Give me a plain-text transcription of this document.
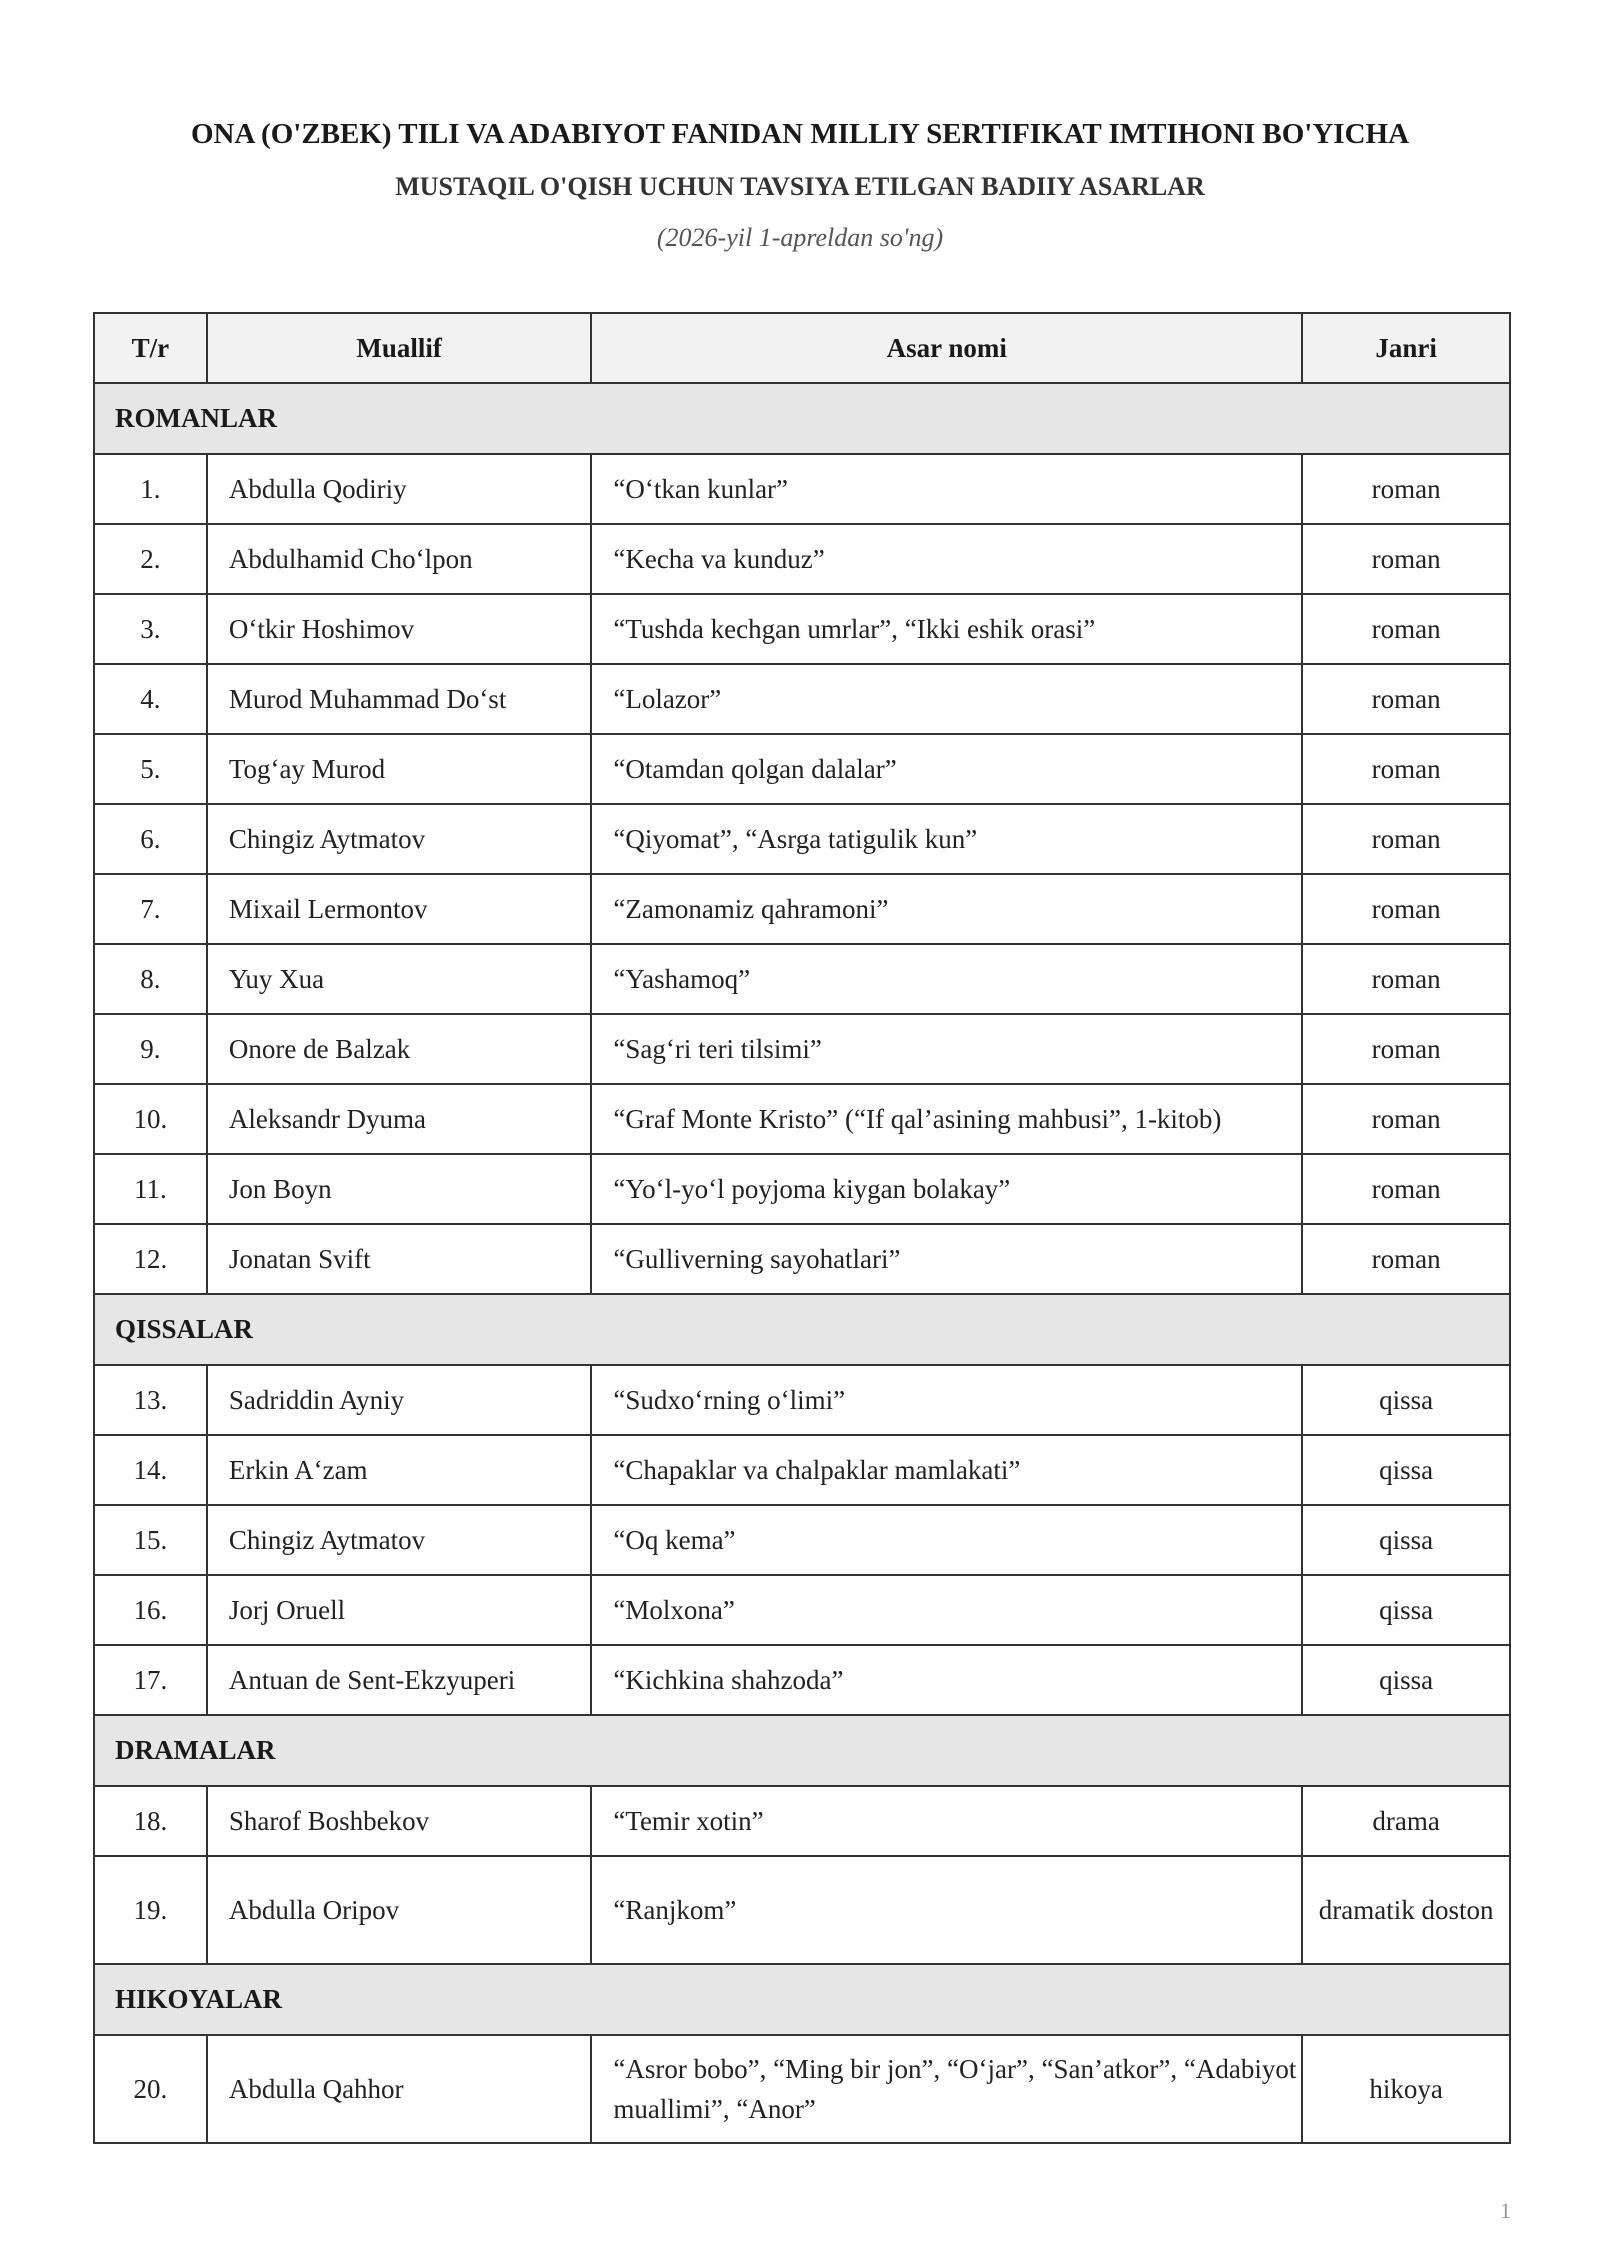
ONA (O'ZBEK) TILI VA ADABIYOT FANIDAN MILLIY SERTIFIKAT IMTIHONI BO'YICHA
MUSTAQIL O'QISH UCHUN TAVSIYA ETILGAN BADIIY ASARLAR
(2026-yil 1-apreldan so'ng)
T/r	Muallif	Asar nomi	Janri
ROMANLAR			
1.	Abdulla Qodiriy	“O‘tkan kunlar”	roman
2.	Abdulhamid Cho‘lpon	“Kecha va kunduz”	roman
3.	O‘tkir Hoshimov	“Tushda kechgan umrlar”, “Ikki eshik orasi”	roman
4.	Murod Muhammad Do‘st	“Lolazor”	roman
5.	Tog‘ay Murod	“Otamdan qolgan dalalar”	roman
6.	Chingiz Aytmatov	“Qiyomat”, “Asrga tatigulik kun”	roman
7.	Mixail Lermontov	“Zamonamiz qahramoni”	roman
8.	Yuy Xua	“Yashamoq”	roman
9.	Onore de Balzak	“Sag‘ri teri tilsimi”	roman
10.	Aleksandr Dyuma	“Graf Monte Kristo” (“If qal’asining mahbusi”, 1-kitob)	roman
11.	Jon Boyn	“Yo‘l-yo‘l poyjoma kiygan bolakay”	roman
12.	Jonatan Svift	“Gulliverning sayohatlari”	roman
QISSALAR			
13.	Sadriddin Ayniy	“Sudxo‘rning o‘limi”	qissa
14.	Erkin A‘zam	“Chapaklar va chalpaklar mamlakati”	qissa
15.	Chingiz Aytmatov	“Oq kema”	qissa
16.	Jorj Oruell	“Molxona”	qissa
17.	Antuan de Sent-Ekzyuperi	“Kichkina shahzoda”	qissa
DRAMALAR			
18.	Sharof Boshbekov	“Temir xotin”	drama
19.	Abdulla Oripov	“Ranjkom”	dramatik doston
HIKOYALAR			
20.	Abdulla Qahhor	“Asror bobo”, “Ming bir jon”, “O‘jar”, “San’atkor”, “Adabiyot muallimi”, “Anor”	hikoya
1
